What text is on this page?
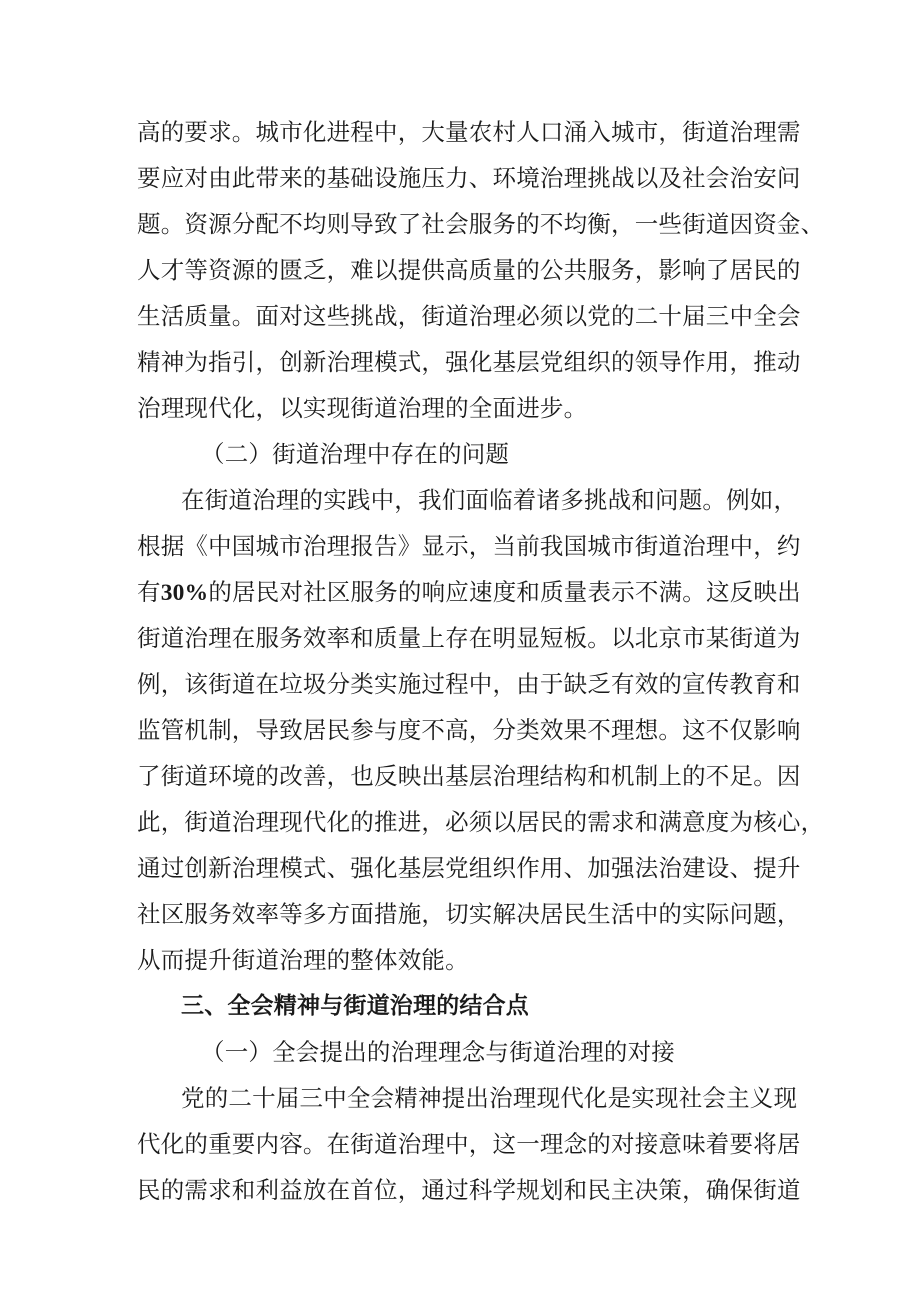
高的要求。城市化进程中，大量农村人口涌入城市，街道治理需
要应对由此带来的基础设施压力、环境治理挑战以及社会治安问
题。资源分配不均则导致了社会服务的不均衡，一些街道因资金、
人才等资源的匮乏，难以提供高质量的公共服务，影响了居民的
生活质量。面对这些挑战，街道治理必须以党的二十届三中全会
精神为指引，创新治理模式，强化基层党组织的领导作用，推动
治理现代化，以实现街道治理的全面进步。
（二）街道治理中存在的问题
在街道治理的实践中，我们面临着诸多挑战和问题。例如，
根据《中国城市治理报告》显示，当前我国城市街道治理中，约
有30%的居民对社区服务的响应速度和质量表示不满。这反映出
街道治理在服务效率和质量上存在明显短板。以北京市某街道为
例，该街道在垃圾分类实施过程中，由于缺乏有效的宣传教育和
监管机制，导致居民参与度不高，分类效果不理想。这不仅影响
了街道环境的改善，也反映出基层治理结构和机制上的不足。因
此，街道治理现代化的推进，必须以居民的需求和满意度为核心，
通过创新治理模式、强化基层党组织作用、加强法治建设、提升
社区服务效率等多方面措施，切实解决居民生活中的实际问题，
从而提升街道治理的整体效能。
三、全会精神与街道治理的结合点
（一）全会提出的治理理念与街道治理的对接
党的二十届三中全会精神提出治理现代化是实现社会主义现
代化的重要内容。在街道治理中，这一理念的对接意味着要将居
民的需求和利益放在首位，通过科学规划和民主决策，确保街道
